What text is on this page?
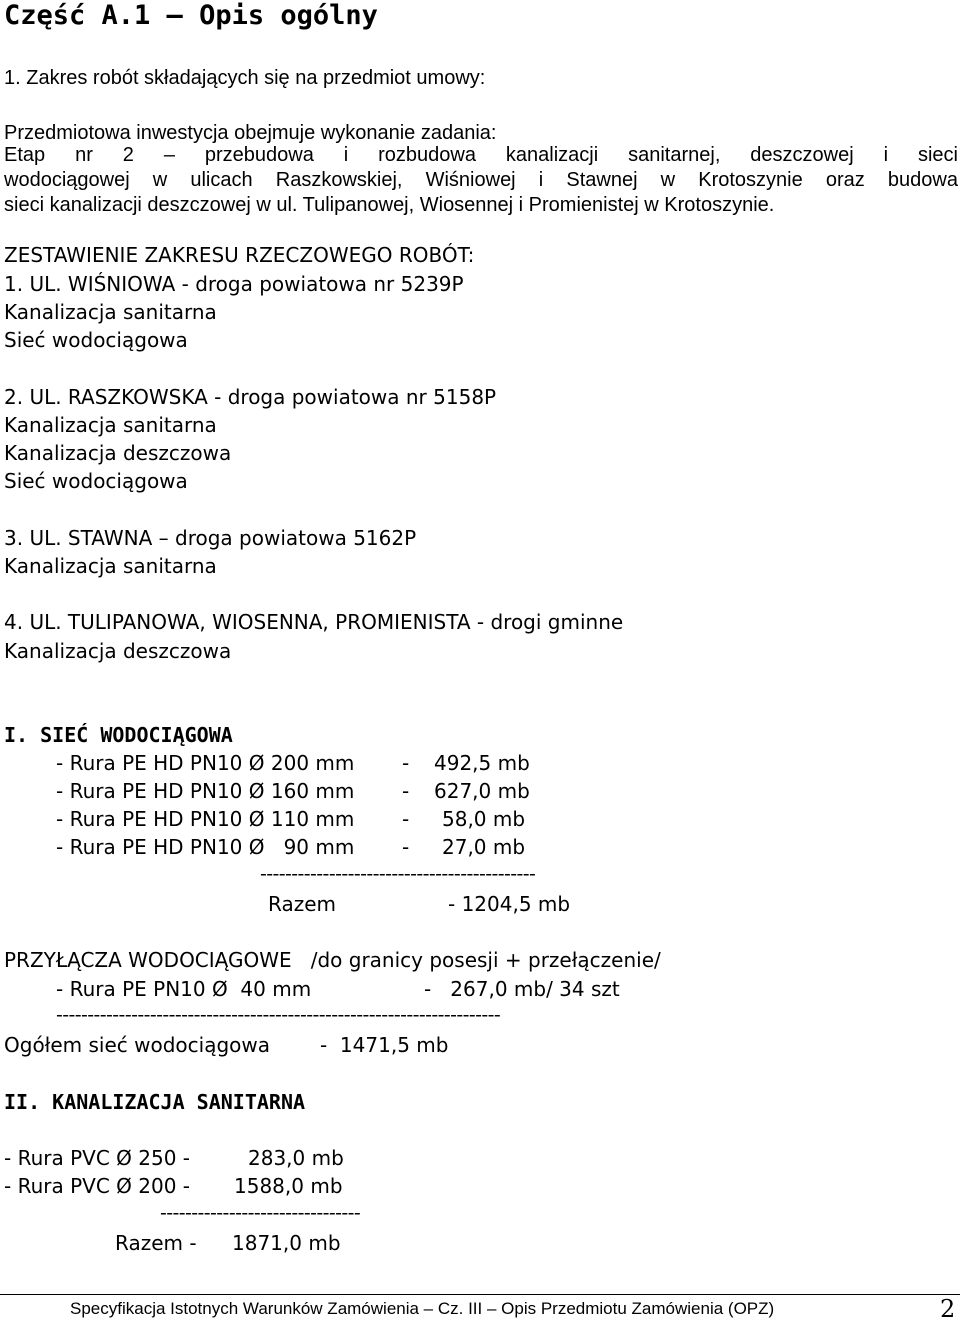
Część A.1 – Opis ogólny
1. Zakres robót składających się na przedmiot umowy:
Przedmiotowa inwestycja obejmuje wykonanie zadania:
Etap nr 2 – przebudowa i rozbudowa kanalizacji sanitarnej, deszczowej i sieci
wodociągowej w ulicach Raszkowskiej, Wiśniowej i Stawnej w Krotoszynie oraz budowa
sieci kanalizacji deszczowej w ul. Tulipanowej, Wiosennej i Promienistej w Krotoszynie.
ZESTAWIENIE ZAKRESU RZECZOWEGO ROBÓT:
1. UL. WIŚNIOWA - droga powiatowa nr 5239P
Kanalizacja sanitarna
Sieć wodociągowa
2. UL. RASZKOWSKA - droga powiatowa nr 5158P
Kanalizacja sanitarna
Kanalizacja deszczowa
Sieć wodociągowa
3. UL. STAWNA – droga powiatowa 5162P
Kanalizacja sanitarna
4. UL. TULIPANOWA, WIOSENNA, PROMIENISTA - drogi gminne
Kanalizacja deszczowa
I. SIEĆ WODOCIĄGOWA
- Rura PE HD PN10 Ø 200 mm - 492,5 mb
- Rura PE HD PN10 Ø 160 mm - 627,0 mb
- Rura PE HD PN10 Ø 110 mm - 58,0 mb
- Rura PE HD PN10 Ø   90 mm - 27,0 mb
--------------------------------------------
Razem	- 1204,5 mb
PRZYŁĄCZA WODOCIĄGOWE   /do granicy posesji + przełączenie/
- Rura PE PN10 Ø  40 mm	-   267,0 mb/ 34 szt
-----------------------------------------------------------------------
Ogółem sieć wodociągowa -  1471,5 mb
II. KANALIZACJA SANITARNA
- Rura PVC Ø 250 -	283,0 mb
- Rura PVC Ø 200 - 1588,0 mb
--------------------------------
Razem - 1871,0 mb
Specyfikacja Istotnych Warunków Zamówienia – Cz. III – Opis Przedmiotu Zamówienia (OPZ)	2
